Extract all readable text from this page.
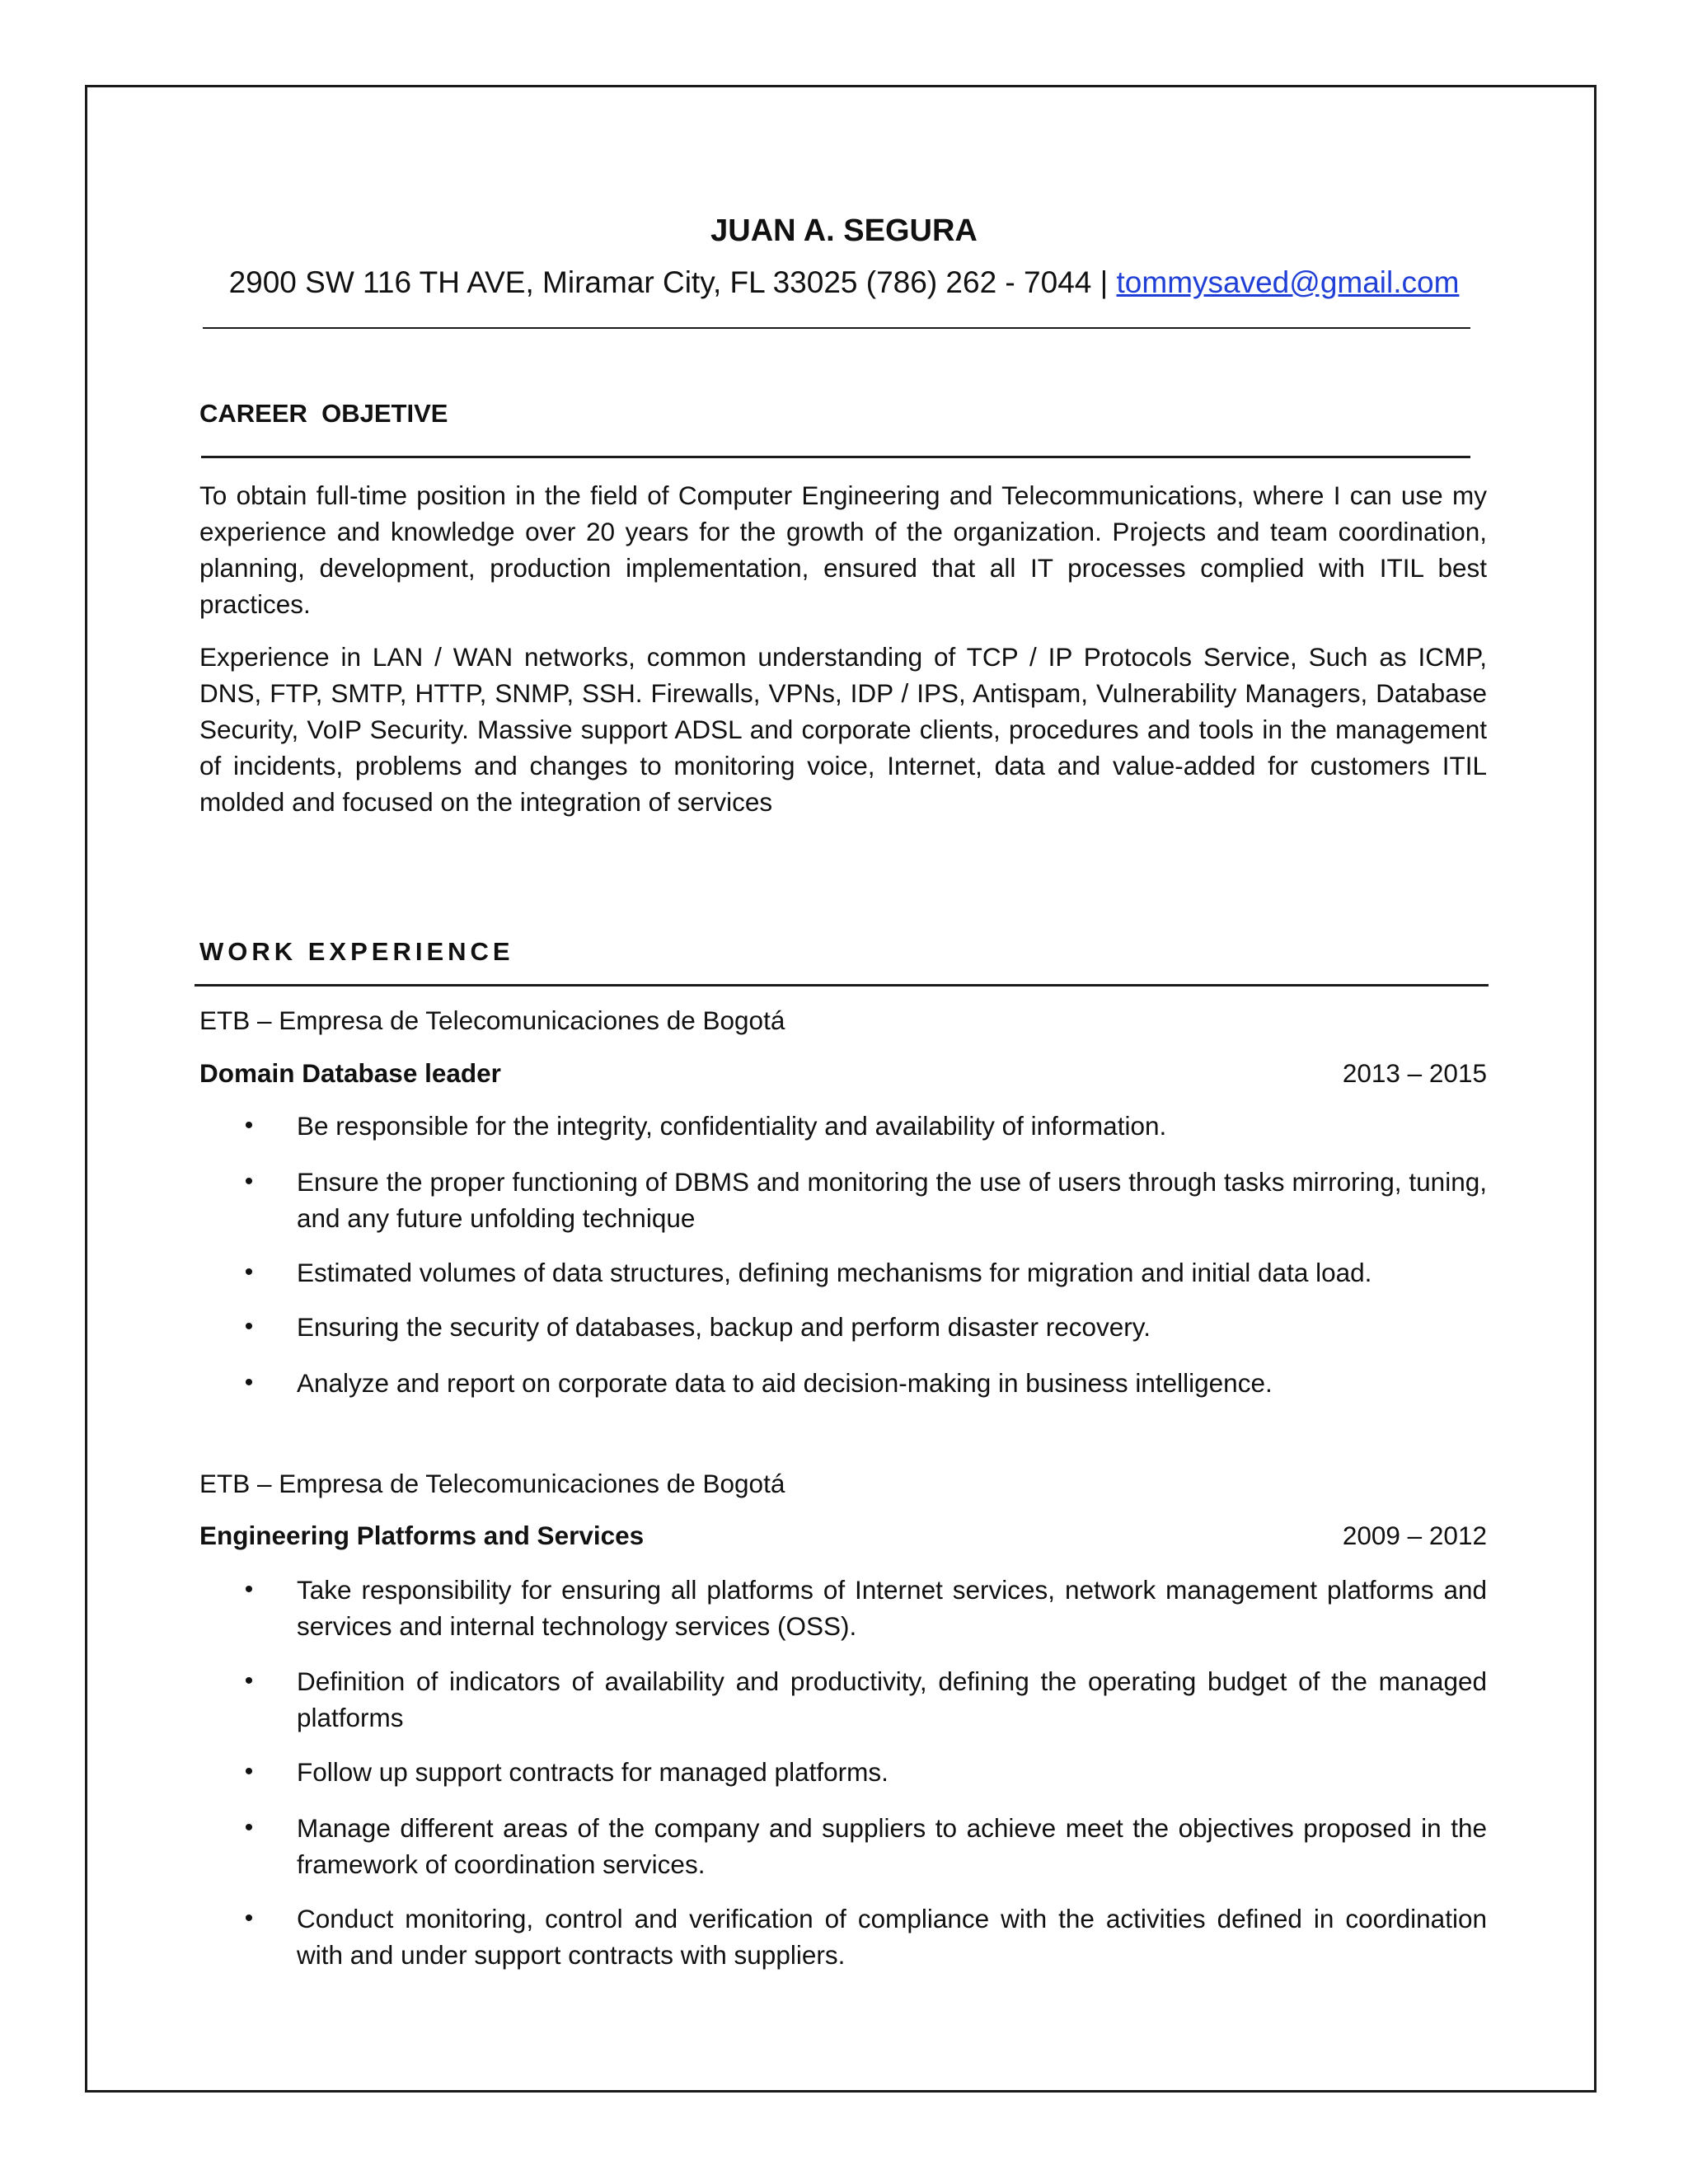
JUAN A. SEGURA
2900 SW 116 TH AVE, Miramar City, FL 33025 (786) 262 - 7044 | tommysaved@gmail.com
CAREER  OBJETIVE
To obtain full-time position in the field of Computer Engineering and Telecommunications, where I can use my experience and knowledge over 20 years for the growth of the organization. Projects and team coordination, planning, development, production implementation, ensured that all IT processes complied with ITIL best practices.
Experience in LAN / WAN networks, common understanding of TCP / IP Protocols Service, Such as ICMP, DNS, FTP, SMTP, HTTP, SNMP, SSH. Firewalls, VPNs, IDP / IPS, Antispam, Vulnerability Managers, Database Security, VoIP Security. Massive support ADSL and corporate clients, procedures and tools in the management of incidents, problems and changes to monitoring voice, Internet, data and value-added for customers ITIL molded and focused on the integration of services
WORK EXPERIENCE
ETB – Empresa de Telecomunicaciones de Bogotá
Domain Database leader	2013 – 2015
• Be responsible for the integrity, confidentiality and availability of information.
• Ensure the proper functioning of DBMS and monitoring the use of users through tasks mirroring, tuning, and any future unfolding technique
• Estimated volumes of data structures, defining mechanisms for migration and initial data load.
• Ensuring the security of databases, backup and perform disaster recovery.
• Analyze and report on corporate data to aid decision-making in business intelligence.
ETB – Empresa de Telecomunicaciones de Bogotá
Engineering Platforms and Services	2009 – 2012
• Take responsibility for ensuring all platforms of Internet services, network management platforms and services and internal technology services (OSS).
• Definition of indicators of availability and productivity, defining the operating budget of the managed platforms
• Follow up support contracts for managed platforms.
• Manage different areas of the company and suppliers to achieve meet the objectives proposed in the framework of coordination services.
• Conduct monitoring, control and verification of compliance with the activities defined in coordination with and under support contracts with suppliers.
